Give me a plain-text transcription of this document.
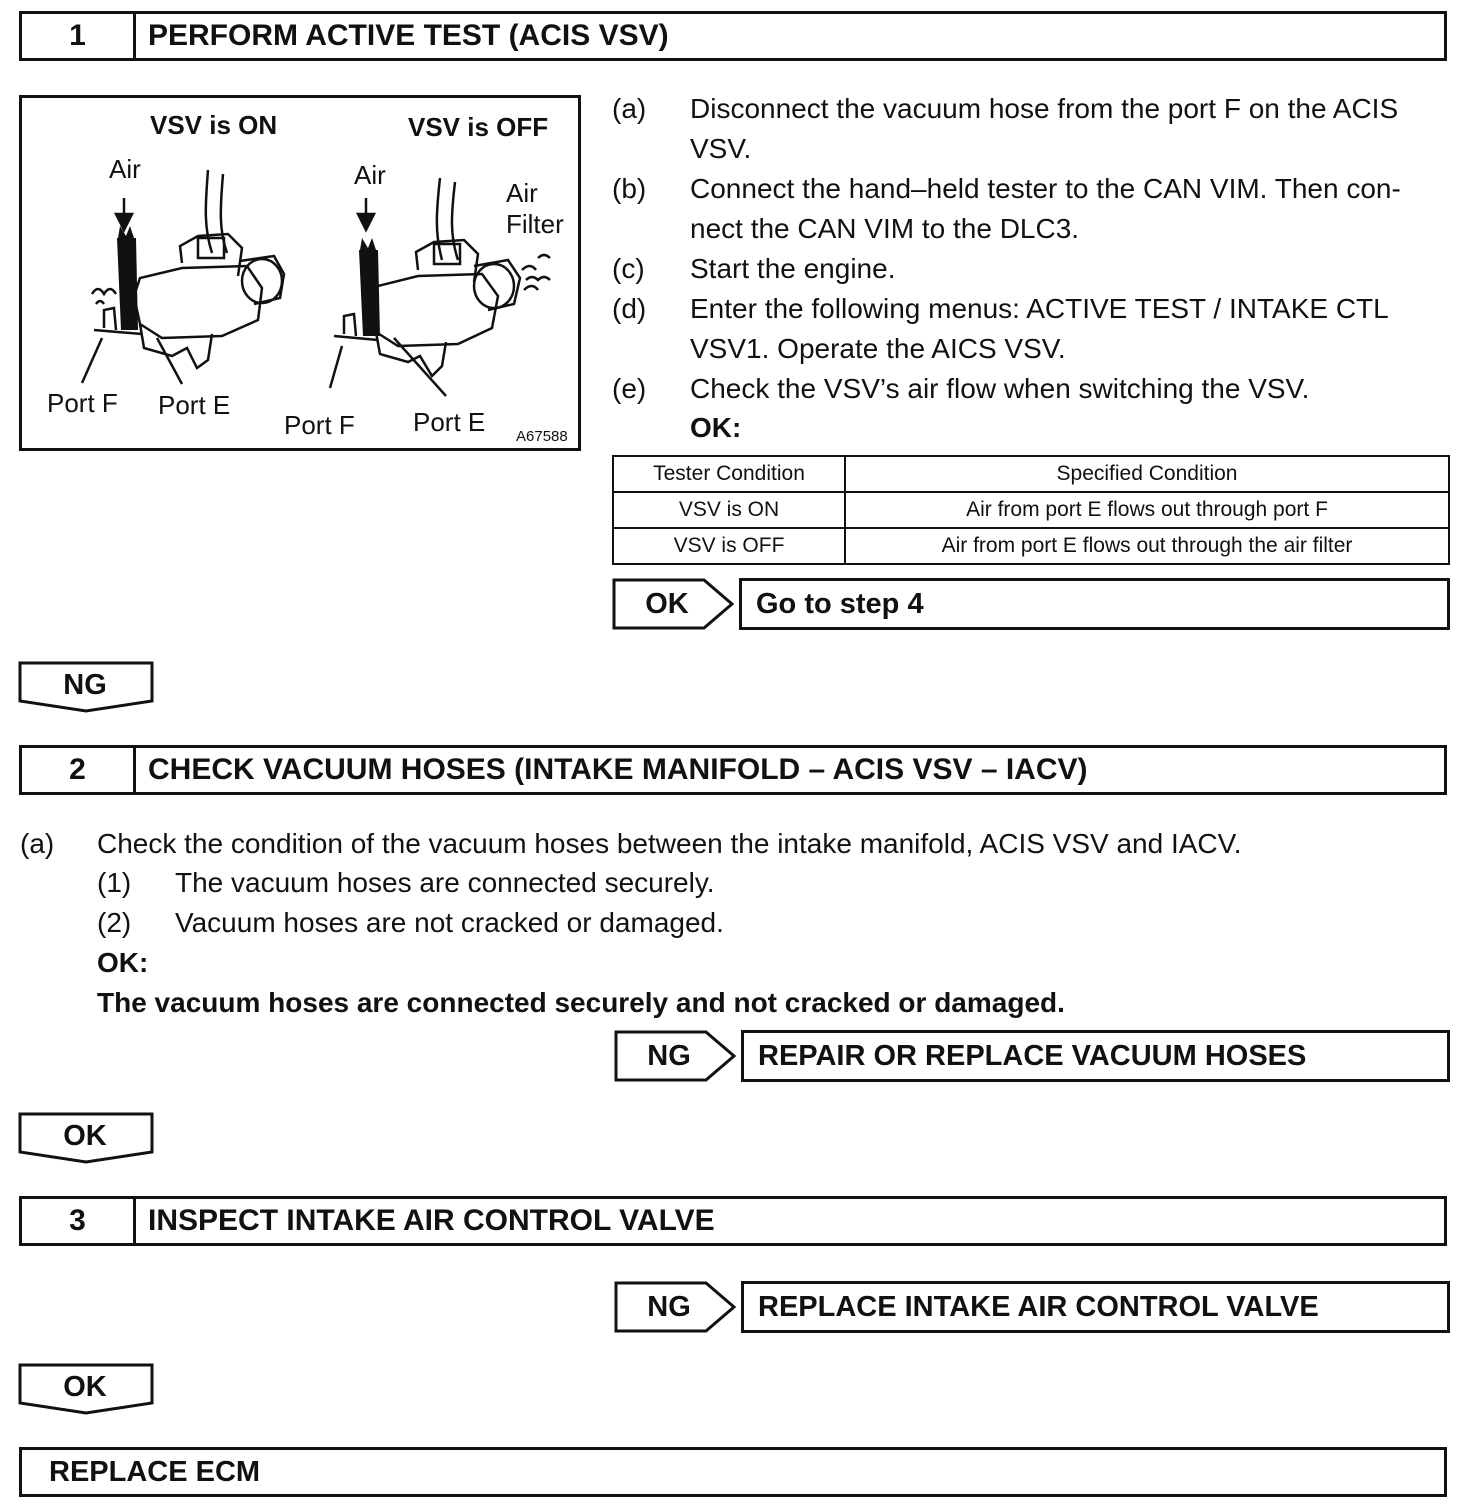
1	PERFORM ACTIVE TEST (ACIS VSV)
VSV is ON	VSV is OFF
Air	Air
Air
Filter
Port F Port E
Port F Port E A67588
(a) Disconnect the vacuum hose from the port F on the ACIS
VSV.
(b) Connect the hand–held tester to the CAN VIM. Then con-
nect the CAN VIM to the DLC3.
(c) Start the engine.
(d) Enter the following menus: ACTIVE TEST / INTAKE CTL
VSV1. Operate the AICS VSV.
(e) Check the VSV’s air flow when switching the VSV.
OK:
Tester Condition	Specified Condition
VSV is ON	Air from port E flows out through port F
VSV is OFF	Air from port E flows out through the air filter
OK	Go to step 4
NG
2	CHECK VACUUM HOSES (INTAKE MANIFOLD – ACIS VSV – IACV)
(a) Check the condition of the vacuum hoses between the intake manifold, ACIS VSV and IACV.
(1) The vacuum hoses are connected securely.
(2) Vacuum hoses are not cracked or damaged.
OK:
The vacuum hoses are connected securely and not cracked or damaged.
NG	REPAIR OR REPLACE VACUUM HOSES
OK
3	INSPECT INTAKE AIR CONTROL VALVE
NG	REPLACE INTAKE AIR CONTROL VALVE
OK
REPLACE ECM
